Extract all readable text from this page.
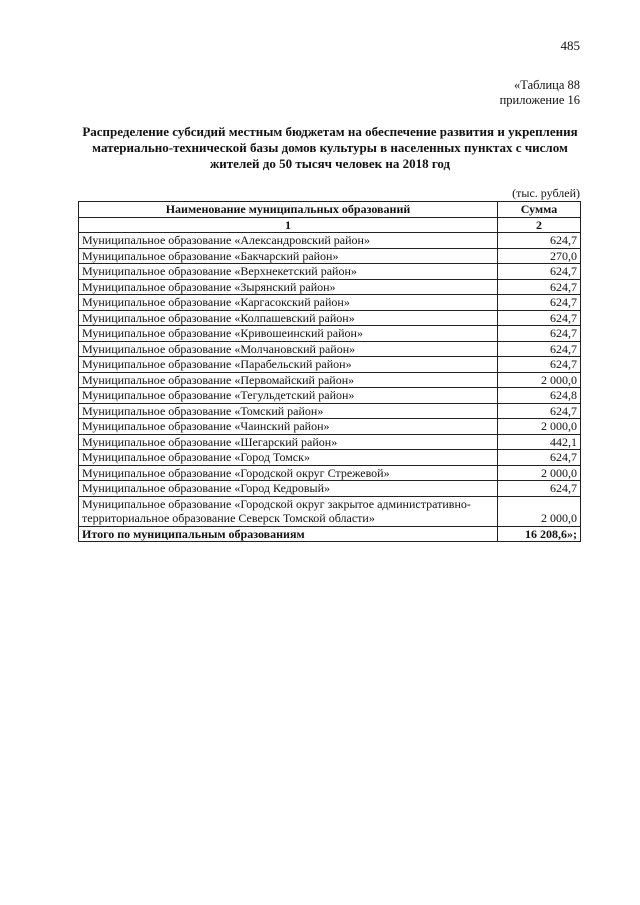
485
«Таблица 88
приложение 16
Распределение субсидий местным бюджетам на обеспечение развития и укрепления материально-технической базы домов культуры в населенных пунктах с числом жителей до 50 тысяч человек на 2018 год
(тыс. рублей)
Наименование муниципальных образований	Сумма
1	2
Муниципальное образование «Александровский район»	624,7
Муниципальное образование «Бакчарский район»	270,0
Муниципальное образование «Верхнекетский район»	624,7
Муниципальное образование «Зырянский район»	624,7
Муниципальное образование «Каргасокский район»	624,7
Муниципальное образование «Колпашевский район»	624,7
Муниципальное образование «Кривошеинский район»	624,7
Муниципальное образование «Молчановский район»	624,7
Муниципальное образование «Парабельский район»	624,7
Муниципальное образование «Первомайский район»	2 000,0
Муниципальное образование «Тегульдетский район»	624,8
Муниципальное образование «Томский район»	624,7
Муниципальное образование «Чаинский район»	2 000,0
Муниципальное образование «Шегарский район»	442,1
Муниципальное образование «Город Томск»	624,7
Муниципальное образование «Городской округ Стрежевой»	2 000,0
Муниципальное образование «Город Кедровый»	624,7
Муниципальное образование «Городской округ закрытое административно-территориальное образование Северск Томской области»	2 000,0
Итого по муниципальным образованиям	16 208,6»;
